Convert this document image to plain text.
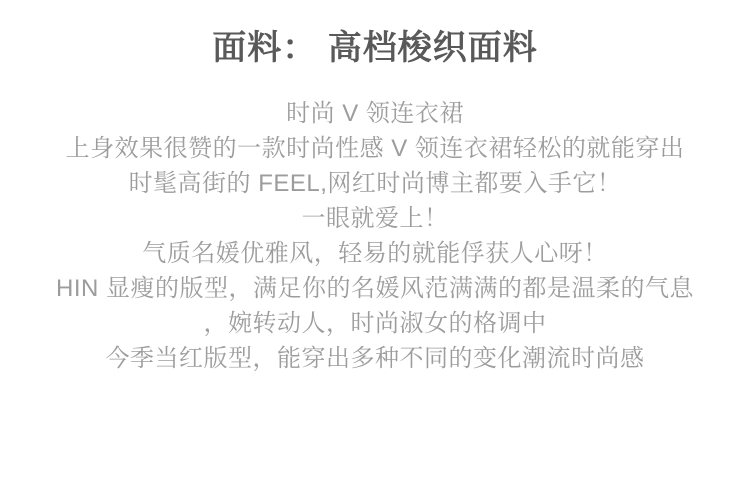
面料： 高档梭织面料
时尚 V 领连衣裙
上身效果很赞的一款时尚性感 V 领连衣裙轻松的就能穿出
时髦高街的 FEEL,网红时尚博主都要入手它！
一眼就爱上！
气质名媛优雅风，轻易的就能俘获人心呀！
HIN 显瘦的版型，满足你的名媛风范满满的都是温柔的气息
，婉转动人，时尚淑女的格调中
今季当红版型，能穿出多种不同的变化潮流时尚感
